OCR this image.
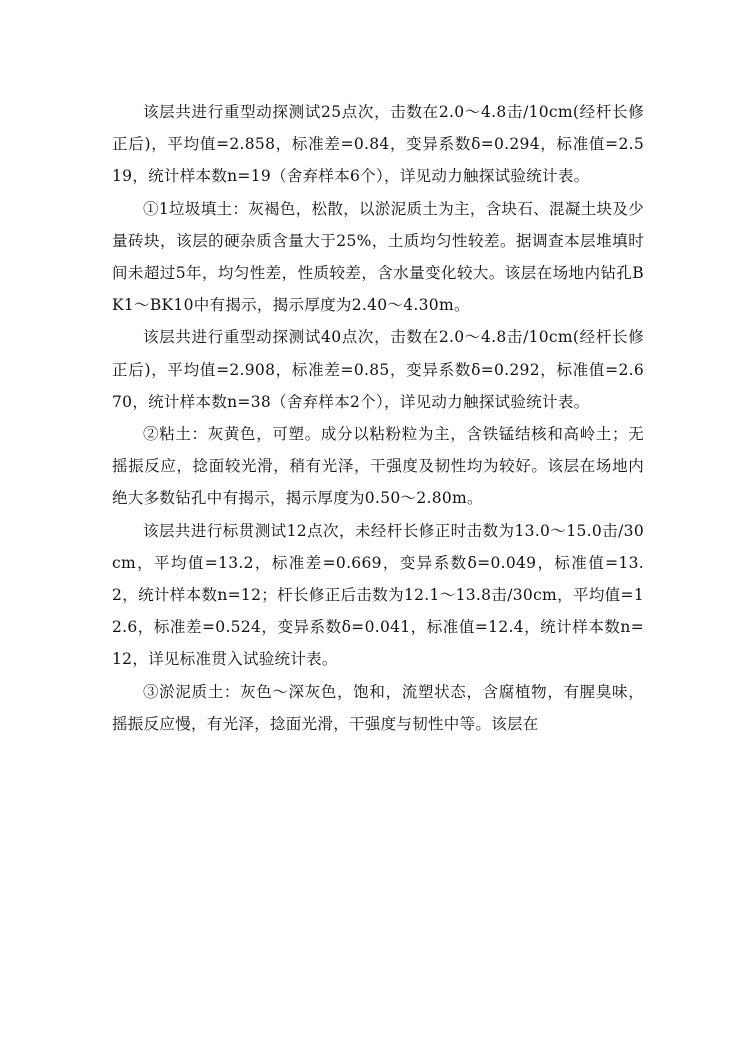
该层共进行重型动探测试25点次，击数在2.0～4.8击/10cm(经杆长修正后)，平均值=2.858，标准差=0.84，变异系数δ=0.294，标准值=2.519，统计样本数n=19（舍弃样本6个），详见动力触探试验统计表。

①1垃圾填土：灰褐色，松散，以淤泥质土为主，含块石、混凝土块及少量砖块，该层的硬杂质含量大于25%，土质均匀性较差。据调查本层堆填时间未超过5年，均匀性差，性质较差，含水量变化较大。该层在场地内钻孔BK1～BK10中有揭示，揭示厚度为2.40～4.30m。

该层共进行重型动探测试40点次，击数在2.0～4.8击/10cm(经杆长修正后)，平均值=2.908，标准差=0.85，变异系数δ=0.292，标准值=2.670，统计样本数n=38（舍弃样本2个），详见动力触探试验统计表。

②粘土：灰黄色，可塑。成分以粘粉粒为主，含铁锰结核和高岭土；无摇振反应，捻面较光滑，稍有光泽，干强度及韧性均为较好。该层在场地内绝大多数钻孔中有揭示，揭示厚度为0.50～2.80m。

该层共进行标贯测试12点次，未经杆长修正时击数为13.0～15.0击/30cm，平均值=13.2，标准差=0.669，变异系数δ=0.049，标准值=13.2，统计样本数n=12；杆长修正后击数为12.1～13.8击/30cm，平均值=12.6，标准差=0.524，变异系数δ=0.041，标准值=12.4，统计样本数n=12，详见标准贯入试验统计表。

③淤泥质土：灰色～深灰色，饱和，流塑状态，含腐植物，有腥臭味，摇振反应慢，有光泽，捻面光滑，干强度与韧性中等。该层在
